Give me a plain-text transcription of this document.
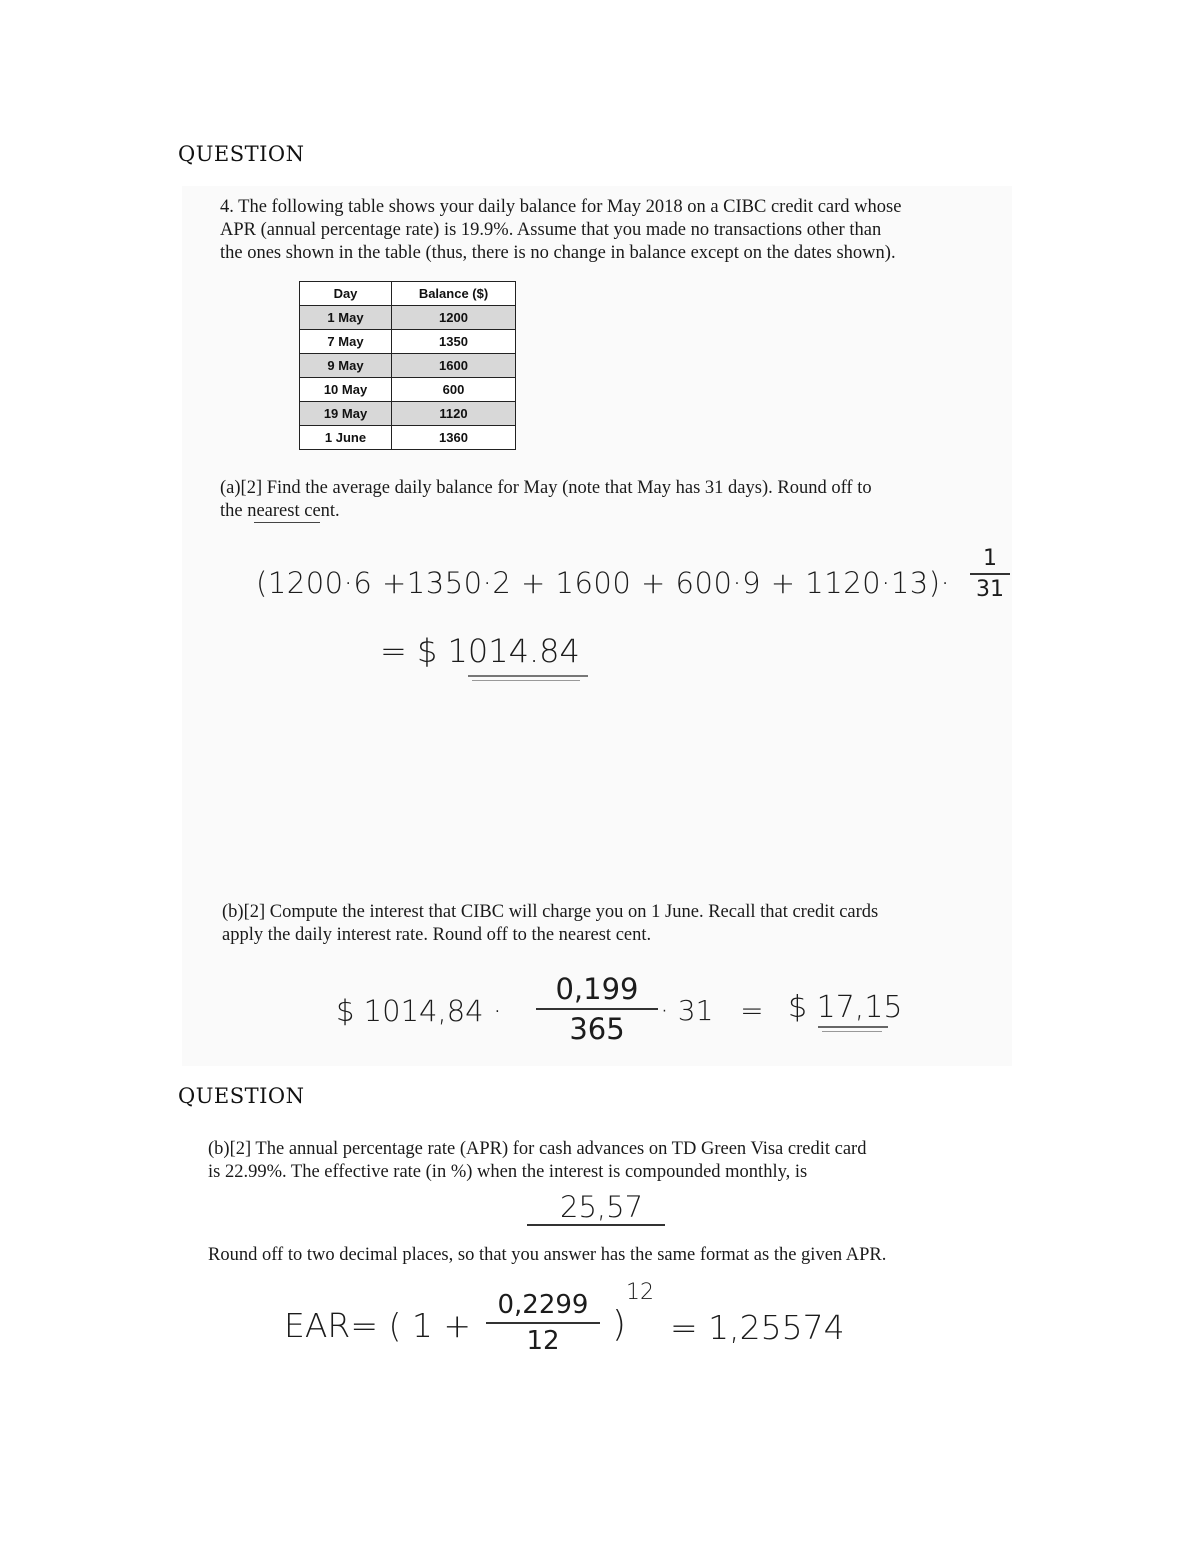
QUESTION

4. The following table shows your daily balance for May 2018 on a CIBC credit card whose

APR (annual percentage rate) is 19.9%. Assume that you made no transactions other than

the ones shown in the table (thus, there is no change in balance except on the dates shown).

Day	Balance ($)
1 May	1200
7 May	1350
9 May	1600
10 May	600
19 May	1120
1 June	1360

(a)[2] Find the average daily balance for May (note that May has 31 days). Round off to

the nearest cent.

(1200·6 +1350·2 + 1600 + 600·9 + 1120·13)·
1
31
= $ 1014.84

(b)[2] Compute the interest that CIBC will charge you on 1 June. Recall that credit cards

apply the daily interest rate. Round off to the nearest cent.

$ 1014,84 ·
0,199
365
· 31   = $ 17,15
QUESTION

(b)[2] The annual percentage rate (APR) for cash advances on TD Green Visa credit card

is 22.99%. The effective rate (in %) when the interest is compounded monthly, is

25,57
Round off to two decimal places, so that you answer has the same format as the given APR.
EAR= ( 1 +
0,2299
12	)
12
= 1,25574
